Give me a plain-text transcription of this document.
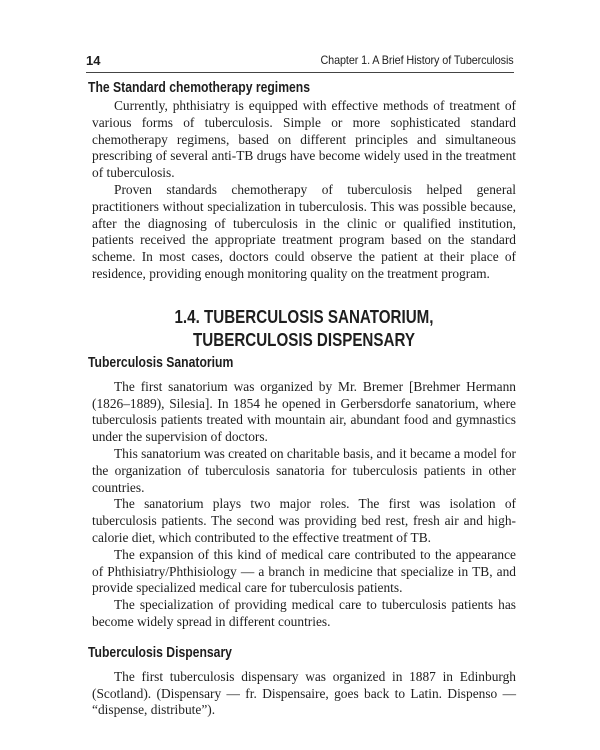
14	Chapter 1. A Brief History of Tuberculosis
The Standard chemotherapy regimens

Currently, phthisiatry is equipped with effective methods of treatment of various forms of tuberculosis. Simple or more sophisticated standard chemotherapy regimens, based on different principles and simultaneous prescribing of several anti-TB drugs have become widely used in the treatment of tuberculosis.

Proven standards chemotherapy of tuberculosis helped general practitioners without specialization in tuberculosis. This was possible because, after the diagnosing of tuberculosis in the clinic or qualified institution, patients received the appropriate treatment program based on the standard scheme. In most cases, doctors could observe the patient at their place of residence, providing enough monitoring quality on the treatment program.

1.4. TUBERCULOSIS SANATORIUM, TUBERCULOSIS DISPENSARY
Tuberculosis Sanatorium

The first sanatorium was organized by Mr. Bremer [Brehmer Hermann (1826–1889), Silesia]. In 1854 he opened in Gerbersdorfe sanatorium, where tuberculosis patients treated with mountain air, abundant food and gymnastics under the supervision of doctors.

This sanatorium was created on charitable basis, and it became a model for the organization of tuberculosis sanatoria for tuberculosis patients in other countries.

The sanatorium plays two major roles. The first was isolation of tuberculosis patients. The second was providing bed rest, fresh air and high-calorie diet, which contributed to the effective treatment of TB.

The expansion of this kind of medical care contributed to the appearance of Phthisiatry/Phthisiology — a branch in medicine that specialize in TB, and provide specialized medical care for tuberculosis patients.

The specialization of providing medical care to tuberculosis patients has become widely spread in different countries.

Tuberculosis Dispensary

The first tuberculosis dispensary was organized in 1887 in Edinburgh (Scotland). (Dispensary — fr. Dispensaire, goes back to Latin. Dispenso — “dispense, distribute”).
